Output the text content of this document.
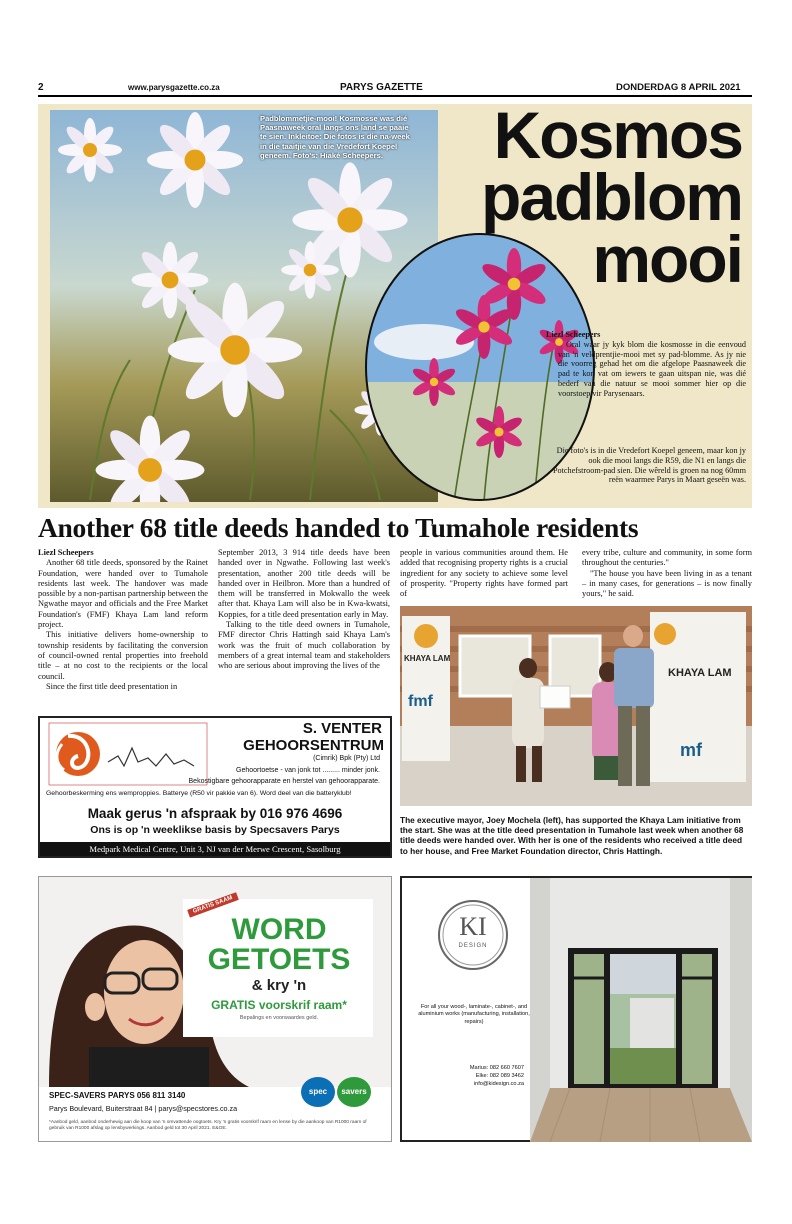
2	www.parysgazette.co.za	PARYS GAZETTE	DONDERDAG 8 APRIL 2021
Padblommetjie-mooi! Kosmosse was dié Paasnaweek oral langs ons land se paaie te sien. Inkleitoe: Die fotos is die na-week in die taaitjie van die Vredefort Koepel geneem. Foto's: Hiaké Scheepers.	Kosmos
padblom
mooi

Liezl Scheepers

Oral waar jy kyk blom die kosmosse in die eenvoud van 'n veldprentjie-mooi met sy pad-blomme. As jy nie die voorreg gehad het om die afgelope Paasnaweek die pad te kon vat om iewers te gaan uitspan nie, was dié bederf van die natuur se mooi sommer hier op die voorstoep vir Parysenaars.

Die foto's is in die Vredefort Koepel geneem, maar kon jy ook die mooi langs die R59, die N1 en langs die Potchefstroom-pad sien. Die wêreld is groen na nog 60mm reën waarmee Parys in Maart geseën was.

Another 68 title deeds handed to Tumahole residents

Liezl Scheepers

Another 68 title deeds, sponsored by the Rainet Foundation, were handed over to Tumahole residents last week. The handover was made possible by a non-partisan partnership between the Ngwathe mayor and officials and the Free Market Foundation's (FMF) Khaya Lam land reform project.

This initiative delivers home-ownership to township residents by facilitating the conversion of council-owned rental properties into freehold title – at no cost to the recipients or the local council.

Since the first title deed presentation in

September 2013, 3 914 title deeds have been handed over in Ngwathe. Following last week's presentation, another 200 title deeds will be handed over in Heilbron. More than a hundred of them will be transferred in Mokwallo the week after that. Khaya Lam will also be in Kwa-kwatsi, Koppies, for a title deed presentation early in May.

Talking to the title deed owners in Tumahole, FMF director Chris Hattingh said Khaya Lam's work was the fruit of much collaboration by members of a great internal team and stakeholders who are serious about improving the lives of the

people in various communities around them. He added that recognising property rights is a crucial ingredient for any society to achieve some level of prosperity. "Property rights have formed part of

every tribe, culture and community, in some form throughout the centuries."

"The house you have been living in as a tenant – in many cases, for generations – is now finally yours," he said.

fmf
mf
KHAYA LAM
KHAYA LAM
The executive mayor, Joey Mochela (left), has supported the Khaya Lam initiative from the start. She was at the title deed presentation in Tumahole last week when another 68 title deeds were handed over. With her is one of the residents who received a title deed to her house, and Free Market Foundation director, Chris Hattingh.
S. VENTER
GEHOORSENTRUM
(Cimrik) Bpk (Pty) Ltd
Gehoortoetse - van jonk tot ......... minder jonk.
Bekostigbare gehoorapparate en herstel van gehoorapparate.
Gehoorbeskerming ens wemproppies. Batterye (R50 vir pakkie van 6). Word deel van die batteryklub!
Maak gerus 'n afspraak by 016 976 4696
Ons is op 'n weeklikse basis by Specsavers Parys
Medpark Medical Centre, Unit 3, NJ van der Merwe Crescent, Sasolburg
GRATIS SAAM
WORD
GETOETS
& kry 'n
GRATIS voorskrif raam*
Bepalings en voorwaardes geld.
SPEC-SAVERS PARYS 056 811 3140
Parys Boulevard, Buiterstraat 84 | parys@specstores.co.za
spec	savers
*Aanbod geld, aanbod onderhewig aan die koop van 'n omvattende oogtoets. Kry 'n gratis voorskrif raam en lense by die aankoop van R1000 raam of gebruik van R1000 afslag op lensbywerkings. Aanbod geld tot 30 April 2021. E&OE.
KI
DESIGN
For all your wood-, laminate-, cabinet-, and aluminium works (manufacturing, installation, repairs)
Marius: 082 660 7607
Elke: 082 089 3462
info@kidesign.co.za
